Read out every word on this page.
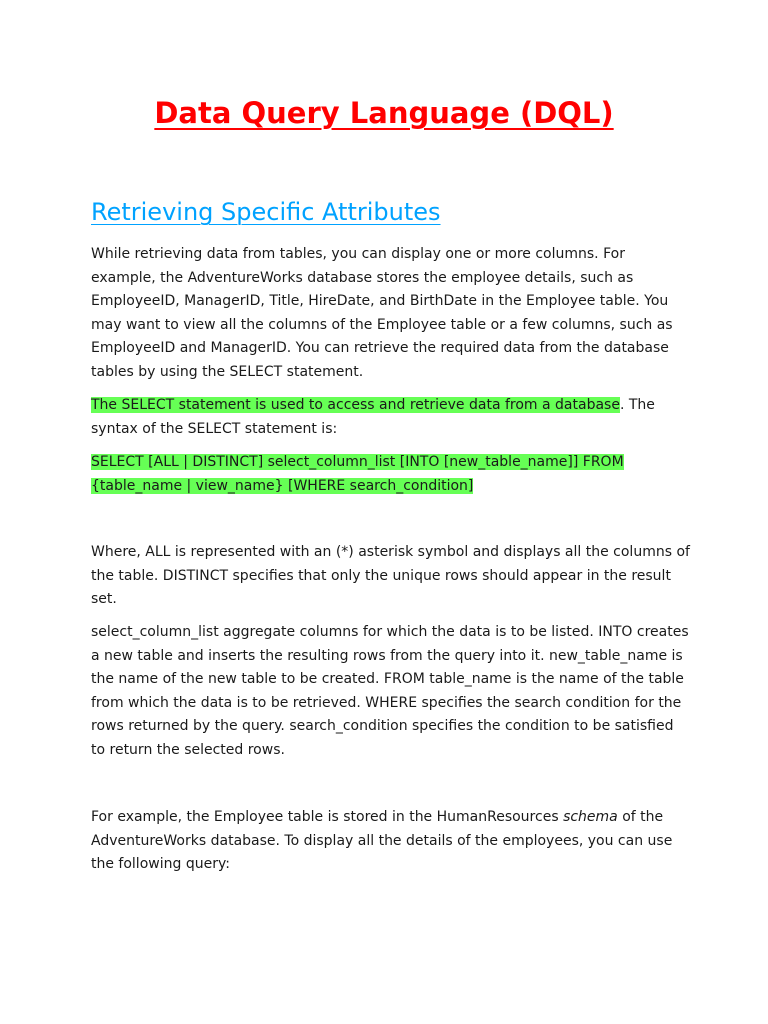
Data Query Language (DQL)
Retrieving Specific Attributes

While retrieving data from tables, you can display one or more columns. For example, the AdventureWorks database stores the employee details, such as EmployeeID, ManagerID, Title, HireDate, and BirthDate in the Employee table. You may want to view all the columns of the Employee table or a few columns, such as EmployeeID and ManagerID. You can retrieve the required data from the database tables by using the SELECT statement.

The SELECT statement is used to access and retrieve data from a database. The syntax of the SELECT statement is:

SELECT [ALL | DISTINCT] select_column_list [INTO [new_table_name]] FROM {table_name | view_name} [WHERE search_condition]

Where, ALL is represented with an (*) asterisk symbol and displays all the columns of the table. DISTINCT specifies that only the unique rows should appear in the result set.

select_column_list aggregate columns for which the data is to be listed. INTO creates a new table and inserts the resulting rows from the query into it. new_table_name is the name of the new table to be created. FROM table_name is the name of the table from which the data is to be retrieved. WHERE specifies the search condition for the rows returned by the query. search_condition specifies the condition to be satisfied to return the selected rows.

For example, the Employee table is stored in the HumanResources schema of the AdventureWorks database. To display all the details of the employees, you can use the following query:
